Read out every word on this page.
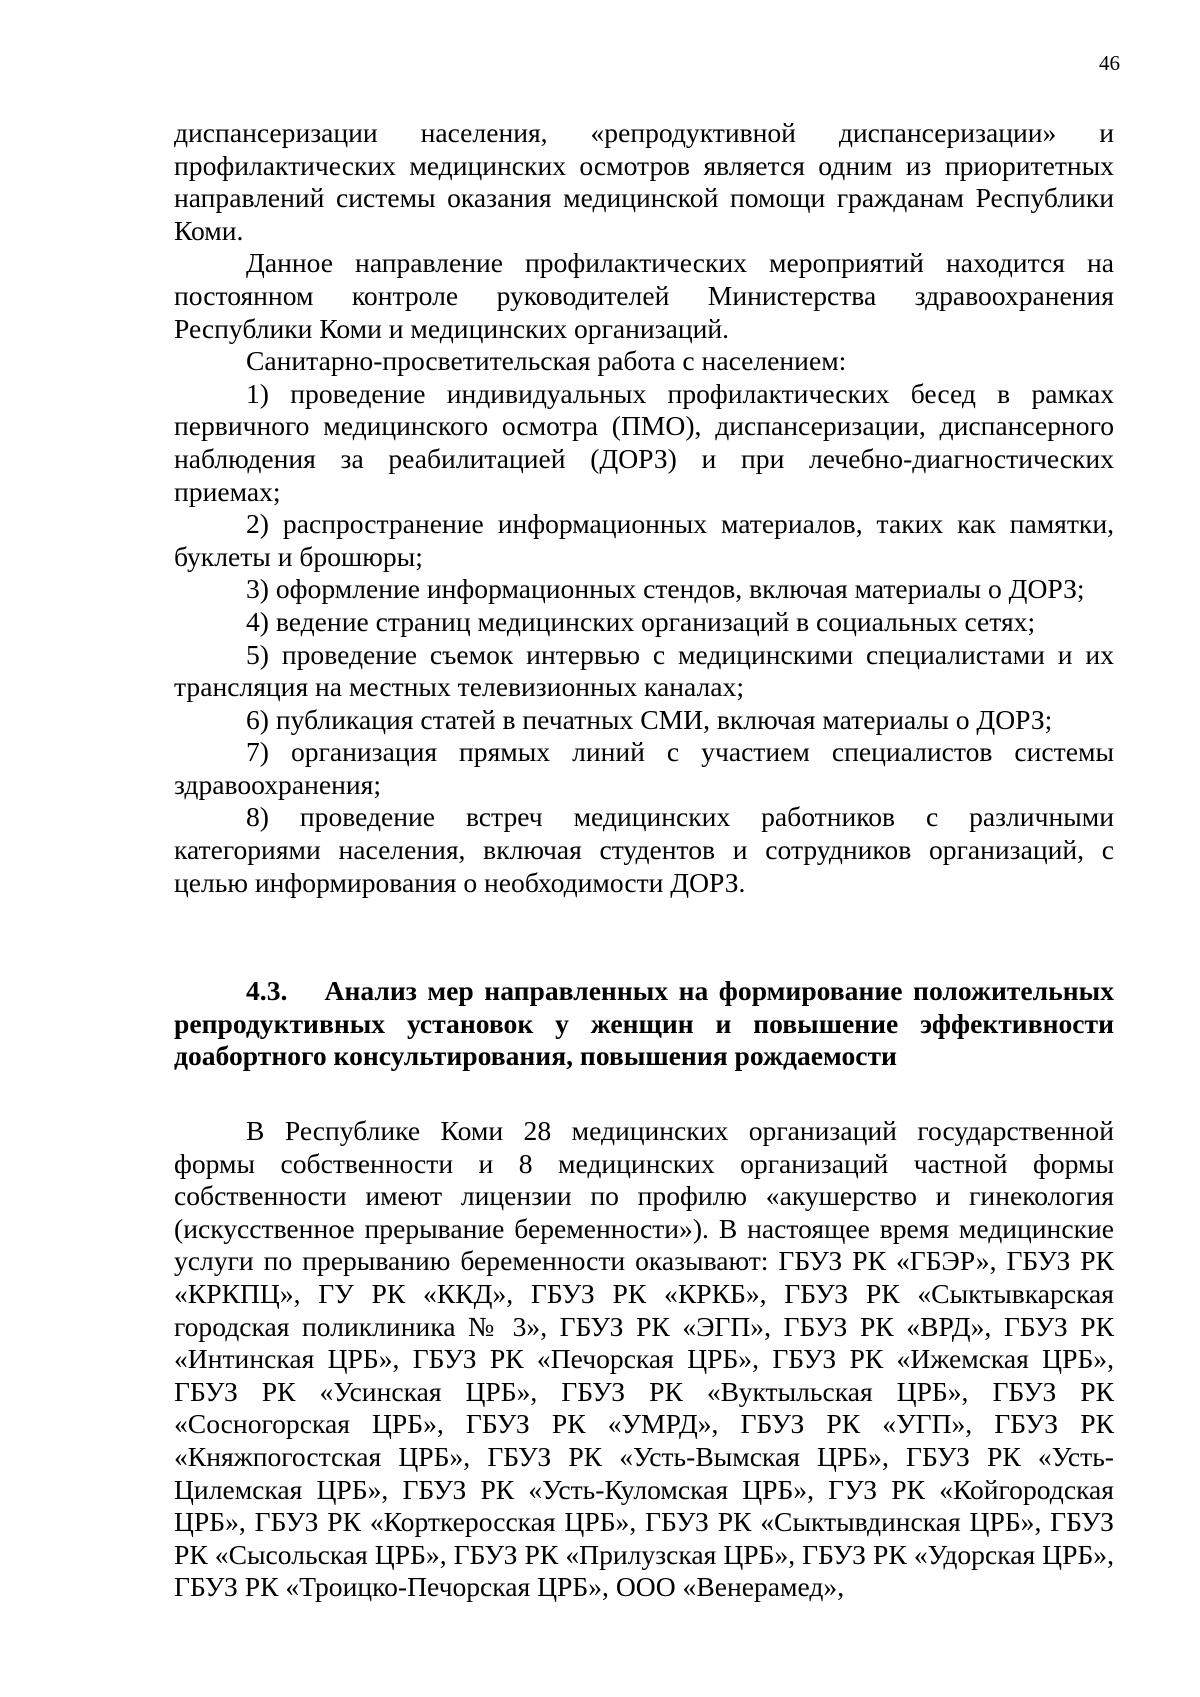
46

диспансеризации населения, «репродуктивной диспансеризации» и профилактических медицинских осмотров является одним из приоритетных направлений системы оказания медицинской помощи гражданам Республики Коми.

Данное направление профилактических мероприятий находится на постоянном контроле руководителей Министерства здравоохранения Республики Коми и медицинских организаций.

Санитарно-просветительская работа с населением:

1) проведение индивидуальных профилактических бесед в рамках первичного медицинского осмотра (ПМО), диспансеризации, диспансерного наблюдения за реабилитацией (ДОРЗ) и при лечебно-диагностических приемах;

2) распространение информационных материалов, таких как памятки, буклеты и брошюры;

3) оформление информационных стендов, включая материалы о ДОРЗ;

4) ведение страниц медицинских организаций в социальных сетях;

5) проведение съемок интервью с медицинскими специалистами и их трансляция на местных телевизионных каналах;

6) публикация статей в печатных СМИ, включая материалы о ДОРЗ;

7) организация прямых линий с участием специалистов системы здравоохранения;

8) проведение встреч медицинских работников с различными категориями населения, включая студентов и сотрудников организаций, с целью информирования о необходимости ДОРЗ.

4.3. Анализ мер направленных на формирование положительных репродуктивных установок у женщин и повышение эффективности доабортного консультирования, повышения рождаемости

В Республике Коми 28 медицинских организаций государственной формы собственности и 8 медицинских организаций частной формы собственности имеют лицензии по профилю «акушерство и гинекология (искусственное прерывание беременности»). В настоящее время медицинские услуги по прерыванию беременности оказывают: ГБУЗ РК «ГБЭР», ГБУЗ РК «КРКПЦ», ГУ РК «ККД», ГБУЗ РК «КРКБ», ГБУЗ РК «Сыктывкарская городская поликлиника № 3», ГБУЗ РК «ЭГП», ГБУЗ РК «ВРД», ГБУЗ РК «Интинская ЦРБ», ГБУЗ РК «Печорская ЦРБ», ГБУЗ РК «Ижемская ЦРБ», ГБУЗ РК «Усинская ЦРБ», ГБУЗ РК «Вуктыльская ЦРБ», ГБУЗ РК «Сосногорская ЦРБ», ГБУЗ РК «УМРД», ГБУЗ РК «УГП», ГБУЗ РК «Княжпогостская ЦРБ», ГБУЗ РК «Усть-Вымская ЦРБ», ГБУЗ РК «Усть-Цилемская ЦРБ», ГБУЗ РК «Усть-Куломская ЦРБ», ГУЗ РК «Койгородская ЦРБ», ГБУЗ РК «Корткеросская ЦРБ», ГБУЗ РК «Сыктывдинская ЦРБ», ГБУЗ РК «Сысольская ЦРБ», ГБУЗ РК «Прилузская ЦРБ», ГБУЗ РК «Удорская ЦРБ», ГБУЗ РК «Троицко-Печорская ЦРБ», ООО «Венерамед»,
